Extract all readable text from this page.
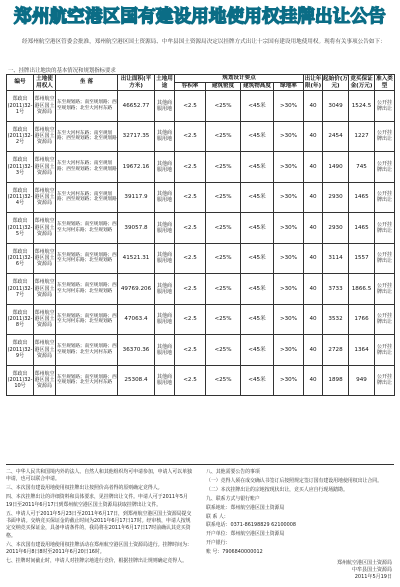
郑州航空港区国有建设用地使用权挂牌出让公告

经郑州航空港区管委会批准，郑州航空港区国土资源局、中牟县国土资源局决定以挂牌方式出让十宗国有建设用地使用权。现将有关事项公告如下：

一、挂牌出让地块的基本情况和规划指标要求
编号	土地使用权人	坐 落	出让面积(平方米)	土地用途	规划设计要点				出让年限(年)	起始价(万元)	竞买保证金(万元)	准入类型
					容积率	建筑密度	建筑物高度	绿地率				
郑政出(2011)32-1号	郑州航空港区国土资源局	东至规划路；南至规划路；西至规划路；北至大河村东路	46652.77	其他商服用地	<2.5	<25%	<45米	>30%	40	3049	1524.5	公开挂牌出让
郑政出(2011)32-2号	郑州航空港区国土资源局	东至大河村东路；南至规划路；西至规划路；北至规划路	32717.35	其他商服用地	<2.5	<25%	<45米	>30%	40	2454	1227	公开挂牌出让
郑政出(2011)32-3号	郑州航空港区国土资源局	东至大河村东路；南至规划路；西至规划路；北至规划路	19672.16	其他商服用地	<2.5	<25%	<45米	>30%	40	1490	745	公开挂牌出让
郑政出(2011)32-4号	郑州航空港区国土资源局	东至大河村东路；南至规划路；西至规划路；北至规划路	39117.9	其他商服用地	<2.5	<25%	<45米	>30%	40	2930	1465	公开挂牌出让
郑政出(2011)32-5号	郑州航空港区国土资源局	东至规划路；南至规划路；西至大河村东路；北至规划路	39057.8	其他商服用地	<2.5	<25%	<45米	>30%	40	2930	1465	公开挂牌出让
郑政出(2011)32-6号	郑州航空港区国土资源局	东至规划路；南至规划路；西至大河村东路；北至规划路	41521.31	其他商服用地	<2.5	<25%	<45米	>30%	40	3114	1557	公开挂牌出让
郑政出(2011)32-7号	郑州航空港区国土资源局	东至规划路；南至规划路；西至大河村东路；北至规划路	49769.206	其他商服用地	<2.5	<25%	<45米	>30%	40	3733	1866.5	公开挂牌出让
郑政出(2011)32-8号	郑州航空港区国土资源局	东至规划路；南至规划路；西至大河村东路；北至规划路	47063.4	其他商服用地	<2.5	<25%	<45米	>30%	40	3532	1766	公开挂牌出让
郑政出(2011)32-9号	郑州航空港区国土资源局	东至规划路；南至规划路；西至规划路；北至大河村东路	36370.36	其他商服用地	<2.5	<25%	<45米	>30%	40	2728	1364	公开挂牌出让
郑政出(2011)32-10号	郑州航空港区国土资源局	东至规划路；南至规划路；西至规划路；北至大河村东路	25308.4	其他商服用地	<2.5	<25%	<45米	>30%	40	1898	949	公开挂牌出让

二、中华人民共和国境内外的法人、自然人和其他组织均可申请参加，申请人可以单独申请，也可以联合申请。

三、本次国有建设用地使用权挂牌出让按照价高者得的原则确定竞得人。

四、本次挂牌出让的详细资料和具体要求，见挂牌出让文件。申请人可于2011年5月19日至2011年6月17日到郑州航空港区国土资源局获取挂牌出让文件。

五、申请人可于2011年5月23日至2011年6月17日，到郑州航空港区国土资源局提交书面申请。交纳竞买保证金的截止时间为2011年6月17日17时。经审核，申请人按规定交纳竞买保证金，具备申请条件的，我局将在2011年6月17日17时前确认其竞买资格。

六、本次国有建设用地使用权挂牌活动在郑州航空港区国土资源局进行。挂牌时间为：2011年6月8日8时至2011年6月20日16时。

七、挂牌时间截止时，申请人对挂牌宗地进行竞价，根据挂牌出让规则确定竞得人。

八、其他需要公告的事项

（一）竞得人须在成交确认书签订后按照规定签订国有建设用地使用权出让合同。

（二）本次挂牌出让的宗地按现状出让，竞买人应自行现场踏勘。

九、联系方式与银行账户

联系地址：郑州航空港区国土资源局

联 系 人：

联系电话：0371-86198829 62100008

开户单位：郑州航空港区国土资源局

开户银行：

账 号：7906840000012

郑州航空港区国土资源局
中牟县国土资源局
2011年5月19日
